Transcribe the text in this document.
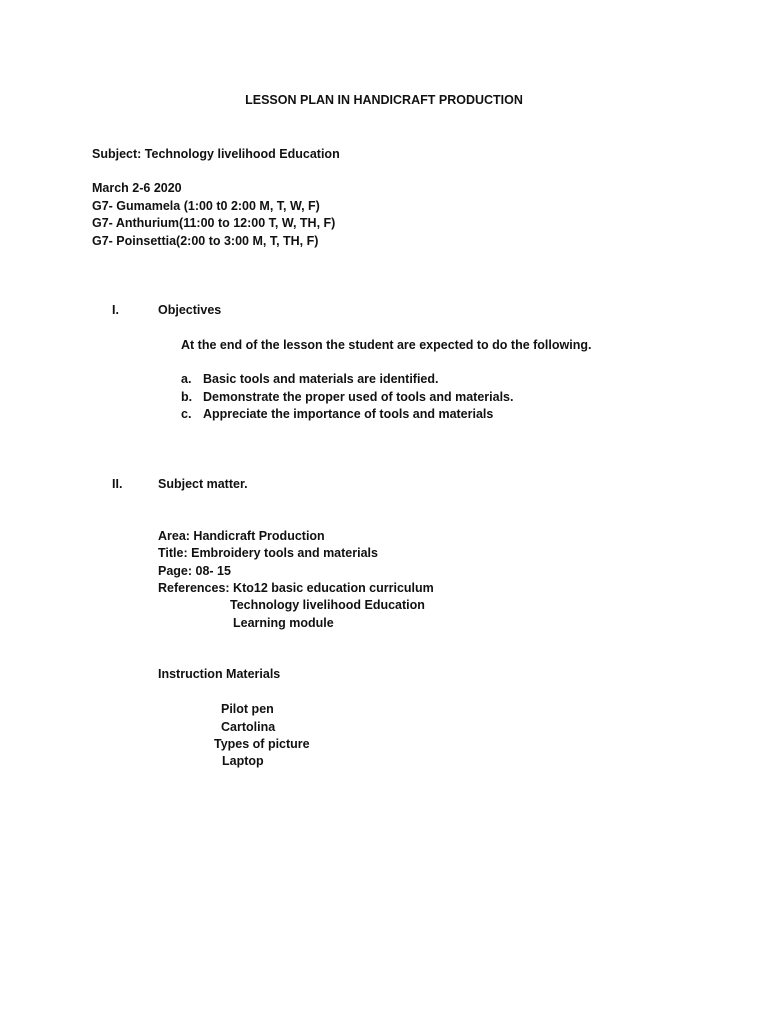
LESSON PLAN IN HANDICRAFT PRODUCTION
Subject: Technology livelihood Education
March 2-6 2020
G7- Gumamela (1:00 t0 2:00 M, T, W, F)
G7- Anthurium(11:00 to 12:00 T, W, TH, F)
G7- Poinsettia(2:00 to 3:00 M, T, TH, F)
I.	Objectives
At the end of the lesson the student are expected to do the following.
a. Basic tools and materials are identified.
b. Demonstrate the proper used of tools and materials.
c. Appreciate the importance of tools and materials
II.	Subject matter.
Area: Handicraft Production
Title: Embroidery tools and materials
Page: 08- 15
References: Kto12 basic education curriculum
Technology livelihood Education
Learning module
Instruction Materials
Pilot pen
Cartolina
Types of picture
Laptop
